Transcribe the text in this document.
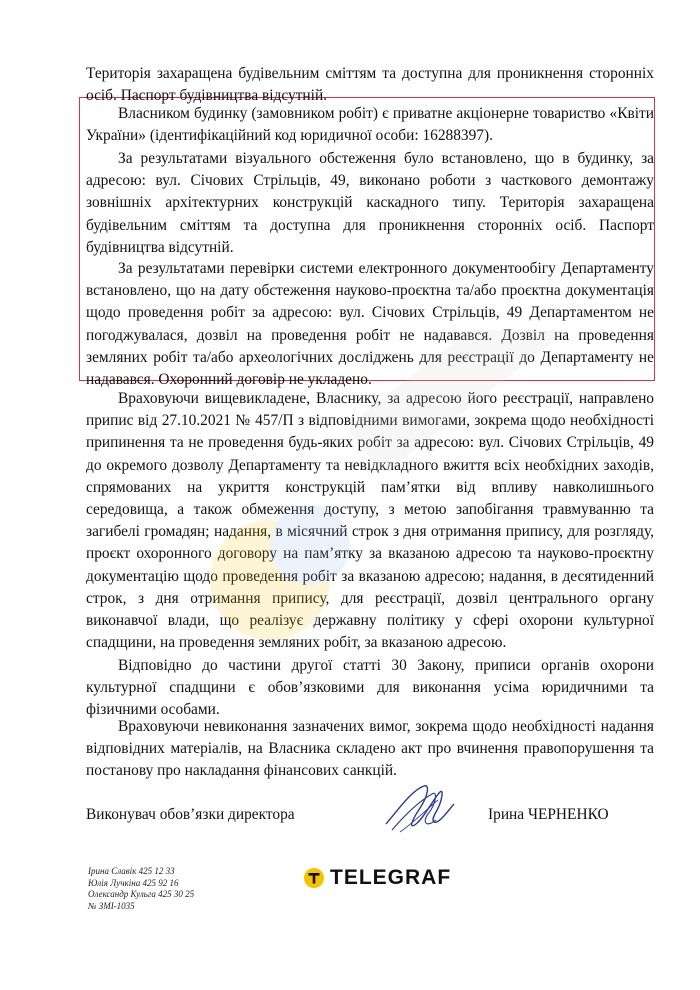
Територія захаращена будівельним сміттям та доступна для проникнення сторонніх осіб. Паспорт будівництва відсутній.

Власником будинку (замовником робіт) є приватне акціонерне товариство «Квіти України» (ідентифікаційний код юридичної особи: 16288397).

За результатами візуального обстеження було встановлено, що в будинку, за адресою: вул. Січових Стрільців, 49, виконано роботи з часткового демонтажу зовнішніх архітектурних конструкцій каскадного типу. Територія захаращена будівельним сміттям та доступна для проникнення сторонніх осіб. Паспорт будівництва відсутній.

За результатами перевірки системи електронного документообігу Департаменту встановлено, що на дату обстеження науково-проєктна та/або проєктна документація щодо проведення робіт за адресою: вул. Січових Стрільців, 49 Департаментом не погоджувалася, дозвіл на проведення робіт не надавався. Дозвіл на проведення земляних робіт та/або археологічних досліджень для реєстрації до Департаменту не надавався. Охоронний договір не укладено.

Враховуючи вищевикладене, Власнику, за адресою його реєстрації, направлено припис від 27.10.2021 № 457/П з відповідними вимогами, зокрема щодо необхідності припинення та не проведення будь-яких робіт за адресою: вул. Січових Стрільців, 49 до окремого дозволу Департаменту та невідкладного вжиття всіх необхідних заходів, спрямованих на укриття конструкцій пам’ятки від впливу навколишнього середовища, а також обмеження доступу, з метою запобігання травмуванню та загибелі громадян; надання, в місячний строк з дня отримання припису, для розгляду, проєкт охоронного договору на пам’ятку за вказаною адресою та науково-проєктну документацію щодо проведення робіт за вказаною адресою; надання, в десятиденний строк, з дня отримання припису, для реєстрації, дозвіл центрального органу виконавчої влади, що реалізує державну політику у сфері охорони культурної спадщини, на проведення земляних робіт, за вказаною адресою.

Відповідно до частини другої статті 30 Закону, приписи органів охорони культурної спадщини є обов’язковими для виконання усіма юридичними та фізичними особами.

Враховуючи невиконання зазначених вимог, зокрема щодо необхідності надання відповідних матеріалів, на Власника складено акт про вчинення правопорушення та постанову про накладання фінансових санкцій.

Виконувач обов’язки директора	Ірина ЧЕРНЕНКО
Ірина Славік 425 12 33
Юлія Лучкіна 425 92 16
Олександр Кульга 425 30 25
№ ЗМІ-1035
TELEGRAF
